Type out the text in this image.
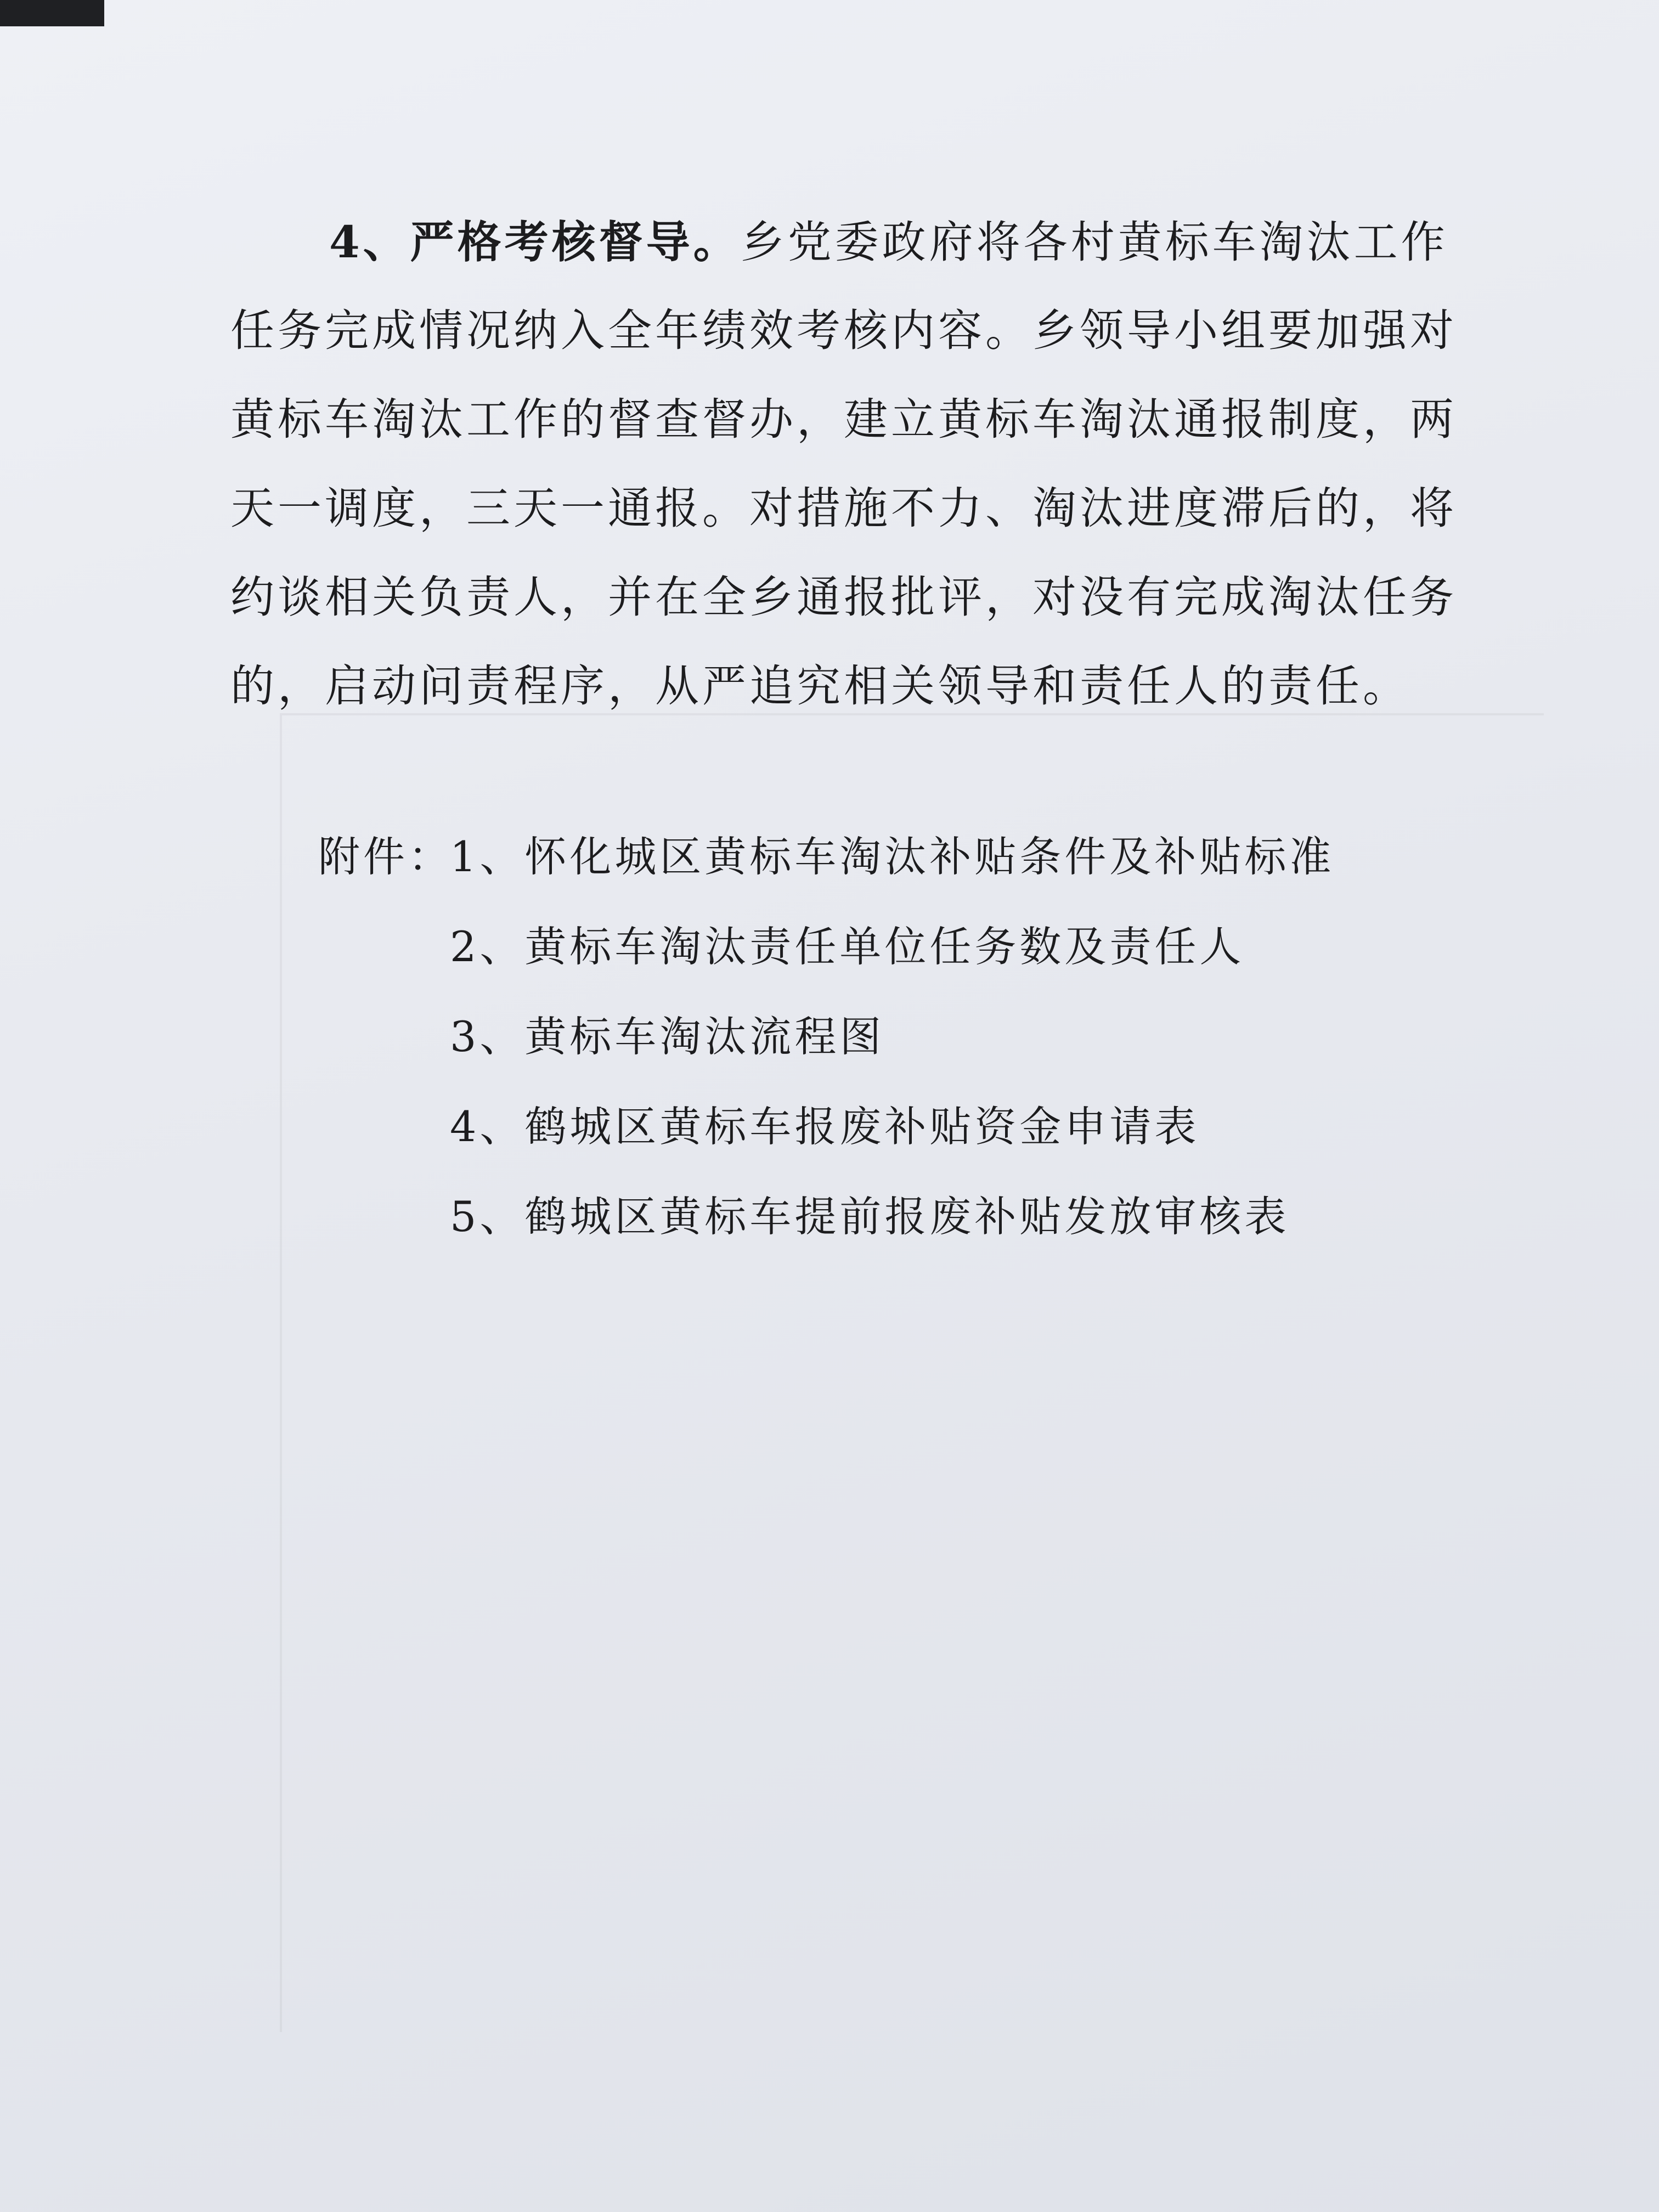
4、严格考核督导。乡党委政府将各村黄标车淘汰工作
任务完成情况纳入全年绩效考核内容。乡领导小组要加强对
黄标车淘汰工作的督查督办，建立黄标车淘汰通报制度，两
天一调度，三天一通报。对措施不力、淘汰进度滞后的，将
约谈相关负责人，并在全乡通报批评，对没有完成淘汰任务
的，启动问责程序，从严追究相关领导和责任人的责任。
附件：1、怀化城区黄标车淘汰补贴条件及补贴标准
2、黄标车淘汰责任单位任务数及责任人
3、黄标车淘汰流程图
4、鹤城区黄标车报废补贴资金申请表
5、鹤城区黄标车提前报废补贴发放审核表
